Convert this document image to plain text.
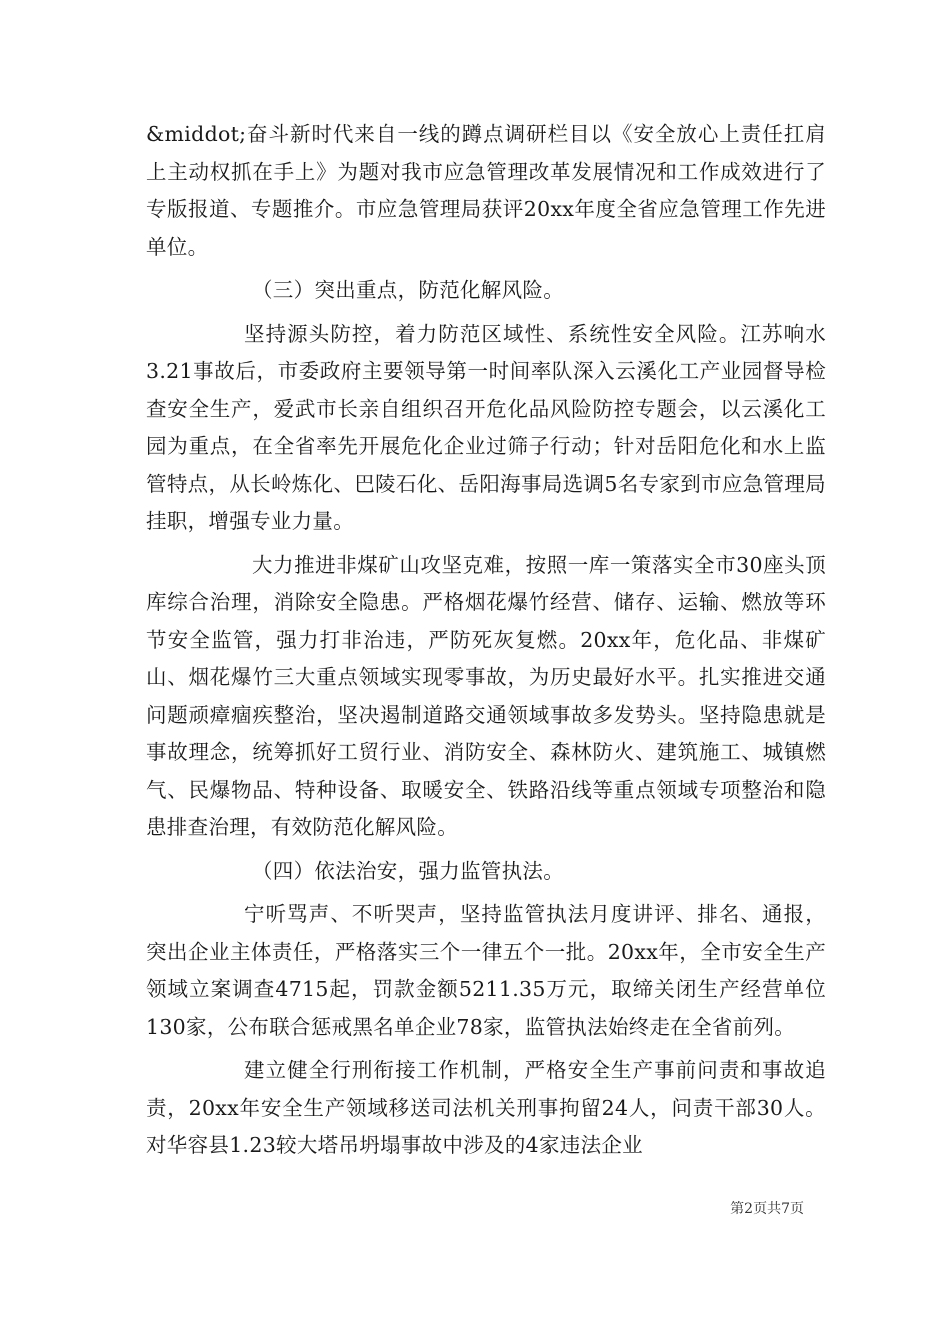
&middot;奋斗新时代来自一线的蹲点调研栏目以《安全放心上责任扛肩上主动权抓在手上》为题对我市应急管理改革发展情况和工作成效进行了专版报道、专题推介。市应急管理局获评20xx年度全省应急管理工作先进单位。

（三）突出重点，防范化解风险。

坚持源头防控，着力防范区域性、系统性安全风险。江苏响水3.21事故后，市委政府主要领导第一时间率队深入云溪化工产业园督导检查安全生产，爱武市长亲自组织召开危化品风险防控专题会，以云溪化工园为重点，在全省率先开展危化企业过筛子行动；针对岳阳危化和水上监管特点，从长岭炼化、巴陵石化、岳阳海事局选调5名专家到市应急管理局挂职，增强专业力量。

大力推进非煤矿山攻坚克难，按照一库一策落实全市30座头顶库综合治理，消除安全隐患。严格烟花爆竹经营、储存、运输、燃放等环节安全监管，强力打非治违，严防死灰复燃。20xx年，危化品、非煤矿山、烟花爆竹三大重点领域实现零事故，为历史最好水平。扎实推进交通问题顽瘴痼疾整治，坚决遏制道路交通领域事故多发势头。坚持隐患就是事故理念，统筹抓好工贸行业、消防安全、森林防火、建筑施工、城镇燃气、民爆物品、特种设备、取暖安全、铁路沿线等重点领域专项整治和隐患排查治理，有效防范化解风险。

（四）依法治安，强力监管执法。

宁听骂声、不听哭声，坚持监管执法月度讲评、排名、通报，突出企业主体责任，严格落实三个一律五个一批。20xx年，全市安全生产领域立案调查4715起，罚款金额5211.35万元，取缔关闭生产经营单位130家，公布联合惩戒黑名单企业78家，监管执法始终走在全省前列。

建立健全行刑衔接工作机制，严格安全生产事前问责和事故追责，20xx年安全生产领域移送司法机关刑事拘留24人，问责干部30人。对华容县1.23较大塔吊坍塌事故中涉及的4家违法企业

第2页共7页
